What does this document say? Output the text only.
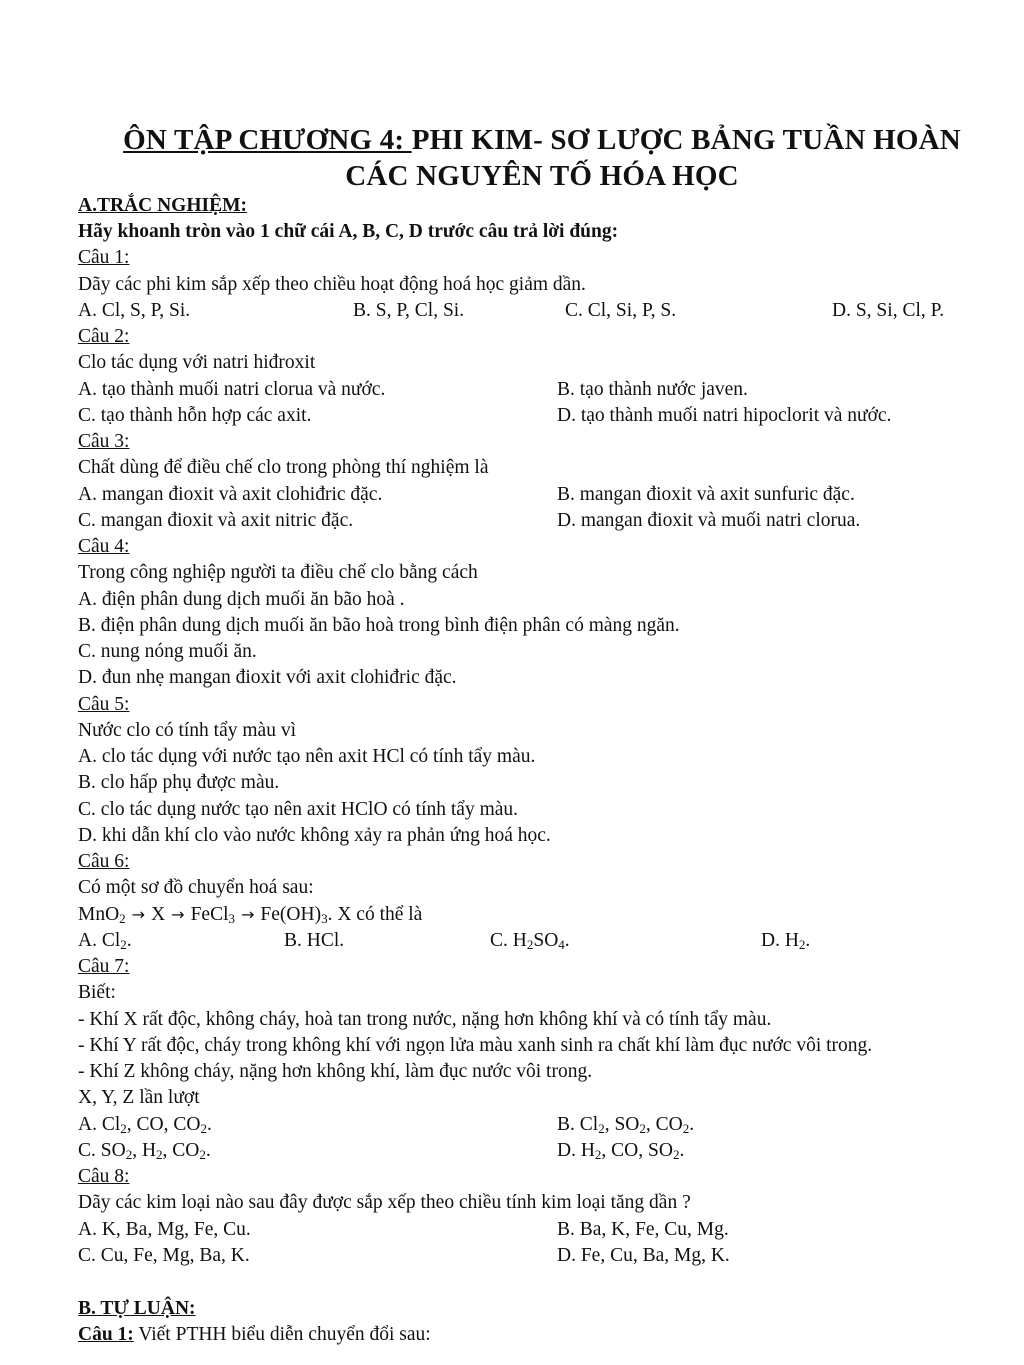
ÔN TẬP CHƯƠNG 4: PHI KIM- SƠ LƯỢC BẢNG TUẦN HOÀN
CÁC NGUYÊN TỐ HÓA HỌC
A.TRẮC NGHIỆM:
Hãy khoanh tròn vào 1 chữ cái A, B, C, D trước câu trả lời đúng:
Câu 1:
Dãy các phi kim sắp xếp theo chiều hoạt động hoá học giảm dần.
A. Cl, S, P, Si.	B. S, P, Cl, Si.	C. Cl, Si, P, S.	D. S, Si, Cl, P.
Câu 2:
Clo tác dụng với natri hiđroxit
A. tạo thành muối natri clorua và nước.	B. tạo thành nước javen.
C. tạo thành hỗn hợp các axit.	D. tạo thành muối natri hipoclorit và nước.
Câu 3:
Chất dùng để điều chế clo trong phòng thí nghiệm là
A. mangan đioxit và axit clohiđric đặc.	B. mangan đioxit và axit sunfuric đặc.
C. mangan đioxit và axit nitric đặc.	D. mangan đioxit và muối natri clorua.
Câu 4:
Trong công nghiệp người ta điều chế clo bằng cách
A. điện phân dung dịch muối ăn bão hoà .
B. điện phân dung dịch muối ăn bão hoà trong bình điện phân có màng ngăn.
C. nung nóng muối ăn.
D. đun nhẹ mangan đioxit với axit clohiđric đặc.
Câu 5:
Nước clo có tính tẩy màu vì
A. clo tác dụng với nước tạo nên axit HCl có tính tẩy màu.
B. clo hấp phụ được màu.
C. clo tác dụng nước tạo nên axit HClO có tính tẩy màu.
D. khi dẫn khí clo vào nước không xảy ra phản ứng hoá học.
Câu 6:
Có một sơ đồ chuyển hoá sau:
MnO$_2$ → X → FeCl$_3$ → $Fe(OH)_3$. X có thể là
A. $Cl_2$.	B. HCl.	C. $H_2SO_4$.	D. $H_2$.
Câu 7:
Biết:
- Khí X rất độc, không cháy, hoà tan trong nước, nặng hơn không khí và có tính tẩy màu.
- Khí Y rất độc, cháy trong không khí với ngọn lửa màu xanh sinh ra chất khí làm đục nước vôi trong.
- Khí Z không cháy, nặng hơn không khí, làm đục nước vôi trong.
X, Y, Z lần lượt
A. $Cl_2$, CO, $CO_2$.	B. $Cl_2$, $SO_2$, $CO_2$.
C. $SO_2$, $H_2$, $CO_2$.	D. $H_2$, CO, $SO_2$.
Câu 8:
Dãy các kim loại nào sau đây được sắp xếp theo chiều tính kim loại tăng dần ?
A. K, Ba, Mg, Fe, Cu.	B. Ba, K, Fe, Cu, Mg.
C. Cu, Fe, Mg, Ba, K.	D. Fe, Cu, Ba, Mg, K.
B. TỰ LUẬN:
Câu 1: Viết PTHH biểu diễn chuyển đổi sau:
